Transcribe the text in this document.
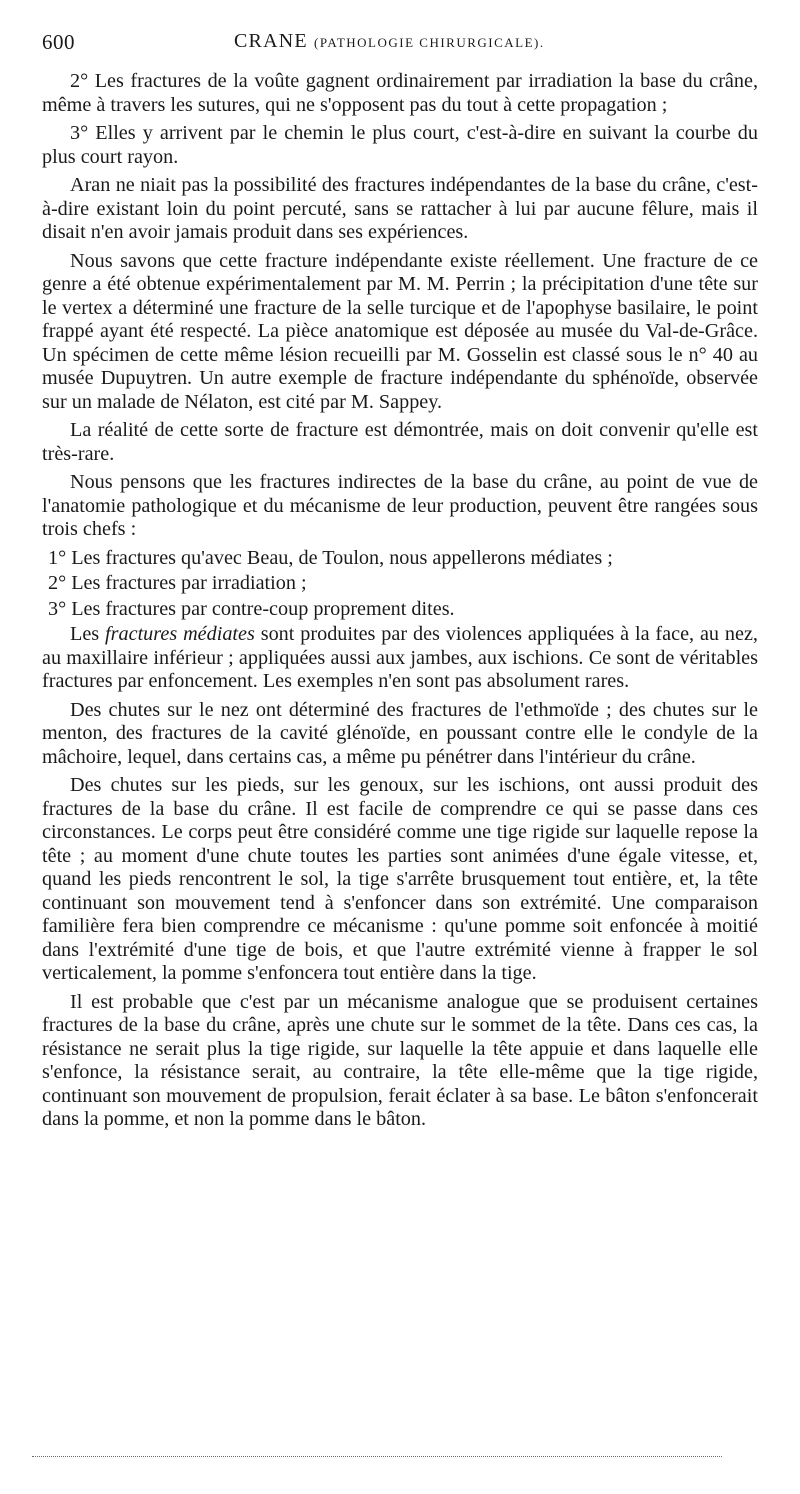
600	CRANE (PATHOLOGIE CHIRURGICALE).

2° Les fractures de la voûte gagnent ordinairement par irradiation la base du crâne, même à travers les sutures, qui ne s'opposent pas du tout à cette propagation ;

3° Elles y arrivent par le chemin le plus court, c'est-à-dire en suivant la courbe du plus court rayon.

Aran ne niait pas la possibilité des fractures indépendantes de la base du crâne, c'est-à-dire existant loin du point percuté, sans se rattacher à lui par aucune fêlure, mais il disait n'en avoir jamais produit dans ses expériences.

Nous savons que cette fracture indépendante existe réellement. Une fracture de ce genre a été obtenue expérimentalement par M. M. Perrin ; la précipitation d'une tête sur le vertex a déterminé une fracture de la selle turcique et de l'apophyse basilaire, le point frappé ayant été respecté. La pièce anatomique est déposée au musée du Val-de-Grâce. Un spécimen de cette même lésion recueilli par M. Gosselin est classé sous le n° 40 au musée Dupuytren. Un autre exemple de fracture indépendante du sphénoïde, observée sur un malade de Nélaton, est cité par M. Sappey.

La réalité de cette sorte de fracture est démontrée, mais on doit convenir qu'elle est très-rare.

Nous pensons que les fractures indirectes de la base du crâne, au point de vue de l'anatomie pathologique et du mécanisme de leur production, peuvent être rangées sous trois chefs :

1° Les fractures qu'avec Beau, de Toulon, nous appellerons médiates ;

2° Les fractures par irradiation ;

3° Les fractures par contre-coup proprement dites.

Les fractures médiates sont produites par des violences appliquées à la face, au nez, au maxillaire inférieur ; appliquées aussi aux jambes, aux ischions. Ce sont de véritables fractures par enfoncement. Les exemples n'en sont pas absolument rares.

Des chutes sur le nez ont déterminé des fractures de l'ethmoïde ; des chutes sur le menton, des fractures de la cavité glénoïde, en poussant contre elle le condyle de la mâchoire, lequel, dans certains cas, a même pu pénétrer dans l'intérieur du crâne.

Des chutes sur les pieds, sur les genoux, sur les ischions, ont aussi produit des fractures de la base du crâne. Il est facile de comprendre ce qui se passe dans ces circonstances. Le corps peut être considéré comme une tige rigide sur laquelle repose la tête ; au moment d'une chute toutes les parties sont animées d'une égale vitesse, et, quand les pieds rencontrent le sol, la tige s'arrête brusquement tout entière, et, la tête continuant son mouvement tend à s'enfoncer dans son extrémité. Une comparaison familière fera bien comprendre ce mécanisme : qu'une pomme soit enfoncée à moitié dans l'extrémité d'une tige de bois, et que l'autre extrémité vienne à frapper le sol verticalement, la pomme s'enfoncera tout entière dans la tige.

Il est probable que c'est par un mécanisme analogue que se produisent certaines fractures de la base du crâne, après une chute sur le sommet de la tête. Dans ces cas, la résistance ne serait plus la tige rigide, sur laquelle la tête appuie et dans laquelle elle s'enfonce, la résistance serait, au contraire, la tête elle-même que la tige rigide, continuant son mouvement de propulsion, ferait éclater à sa base. Le bâton s'enfoncerait dans la pomme, et non la pomme dans le bâton.
